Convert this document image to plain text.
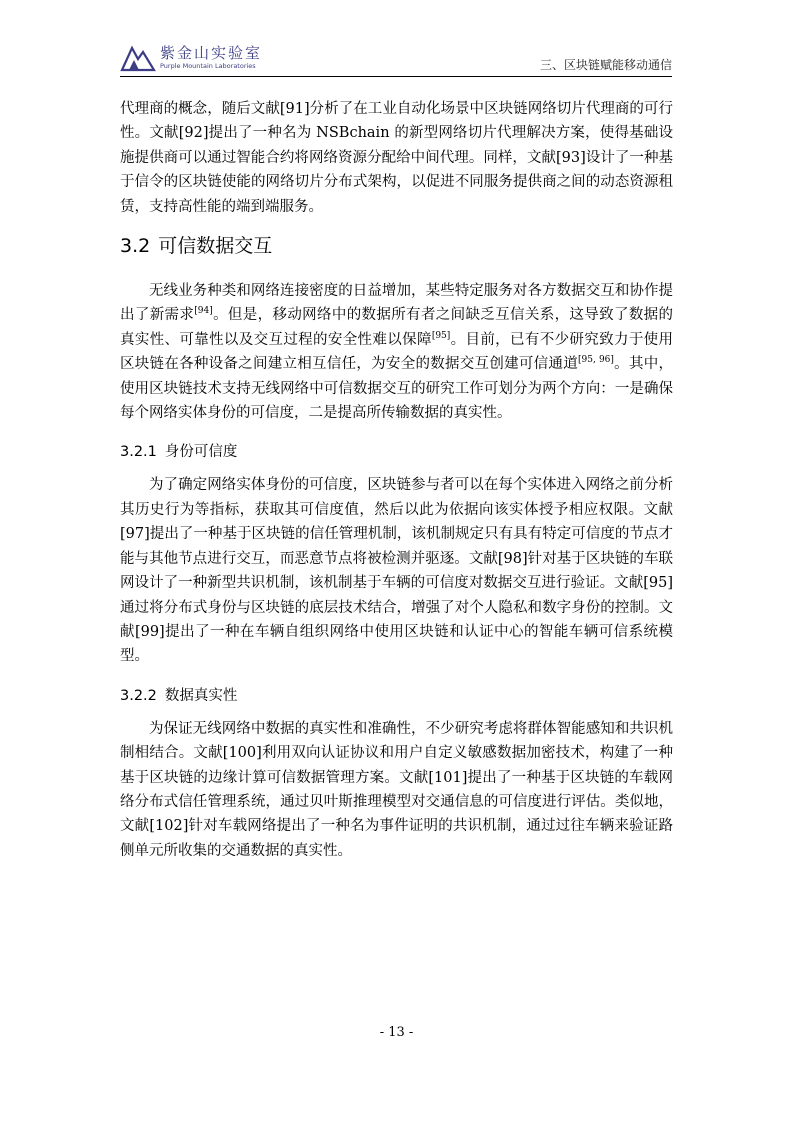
紫金山实验室
Purple Mountain Laboratories	三、区块链赋能移动通信

代理商的概念，随后文献[91]分析了在工业自动化场景中区块链网络切片代理商的可行性。文献[92]提出了一种名为 NSBchain 的新型网络切片代理解决方案，使得基础设施提供商可以通过智能合约将网络资源分配给中间代理。同样，文献[93]设计了一种基于信令的区块链使能的网络切片分布式架构，以促进不同服务提供商之间的动态资源租赁，支持高性能的端到端服务。

3.2 可信数据交互

无线业务种类和网络连接密度的日益增加，某些特定服务对各方数据交互和协作提出了新需求[94]。但是，移动网络中的数据所有者之间缺乏互信关系，这导致了数据的真实性、可靠性以及交互过程的安全性难以保障[95]。目前，已有不少研究致力于使用区块链在各种设备之间建立相互信任，为安全的数据交互创建可信通道[95, 96]。其中，使用区块链技术支持无线网络中可信数据交互的研究工作可划分为两个方向：一是确保每个网络实体身份的可信度，二是提高所传输数据的真实性。

3.2.1 身份可信度

为了确定网络实体身份的可信度，区块链参与者可以在每个实体进入网络之前分析其历史行为等指标，获取其可信度值，然后以此为依据向该实体授予相应权限。文献[97]提出了一种基于区块链的信任管理机制，该机制规定只有具有特定可信度的节点才能与其他节点进行交互，而恶意节点将被检测并驱逐。文献[98]针对基于区块链的车联网设计了一种新型共识机制，该机制基于车辆的可信度对数据交互进行验证。文献[95]通过将分布式身份与区块链的底层技术结合，增强了对个人隐私和数字身份的控制。文献[99]提出了一种在车辆自组织网络中使用区块链和认证中心的智能车辆可信系统模型。

3.2.2 数据真实性

为保证无线网络中数据的真实性和准确性，不少研究考虑将群体智能感知和共识机制相结合。文献[100]利用双向认证协议和用户自定义敏感数据加密技术，构建了一种基于区块链的边缘计算可信数据管理方案。文献[101]提出了一种基于区块链的车载网络分布式信任管理系统，通过贝叶斯推理模型对交通信息的可信度进行评估。类似地，文献[102]针对车载网络提出了一种名为事件证明的共识机制，通过过往车辆来验证路侧单元所收集的交通数据的真实性。

- 13 -
